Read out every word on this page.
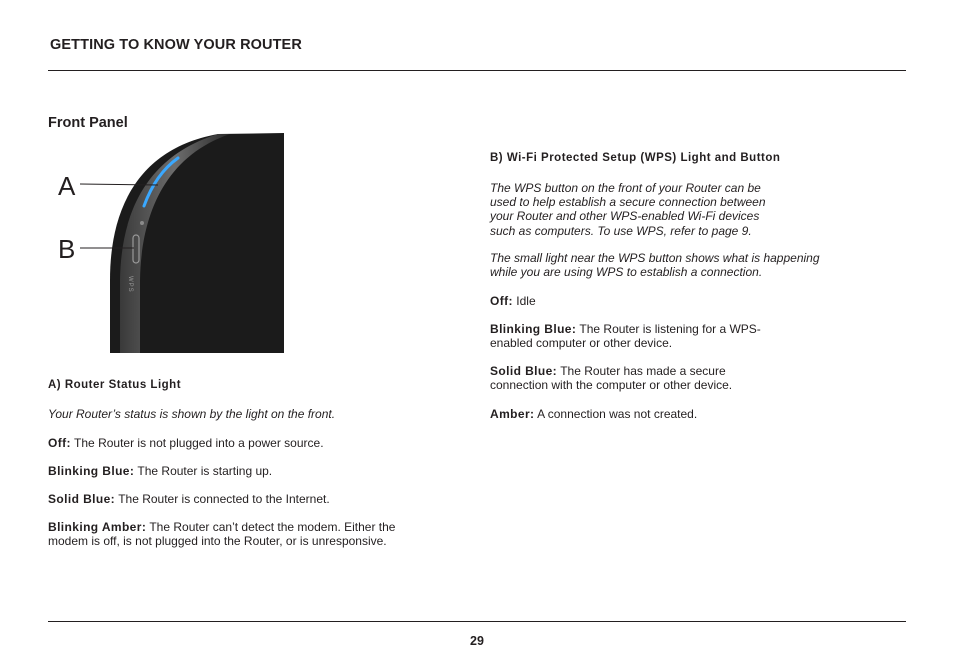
GETTING TO KNOW YOUR ROUTER
Front Panel
WPS
A
B
A) Router Status Light
Your Router’s status is shown by the light on the front.
Off: The Router is not plugged into a power source.
Blinking Blue: The Router is starting up.
Solid Blue: The Router is connected to the Internet.
Blinking Amber: The Router can’t detect the modem. Either the
modem is off, is not plugged into the Router, or is unresponsive.
B) Wi-Fi Protected Setup (WPS) Light and Button
The WPS button on the front of your Router can be
used to help establish a secure connection between
your Router and other WPS-enabled Wi-Fi devices
such as computers. To use WPS, refer to page 9.
The small light near the WPS button shows what is happening
while you are using WPS to establish a connection.
Off: Idle
Blinking Blue: The Router is listening for a WPS-
enabled computer or other device.
Solid Blue: The Router has made a secure
connection with the computer or other device.
Amber: A connection was not created.
29
